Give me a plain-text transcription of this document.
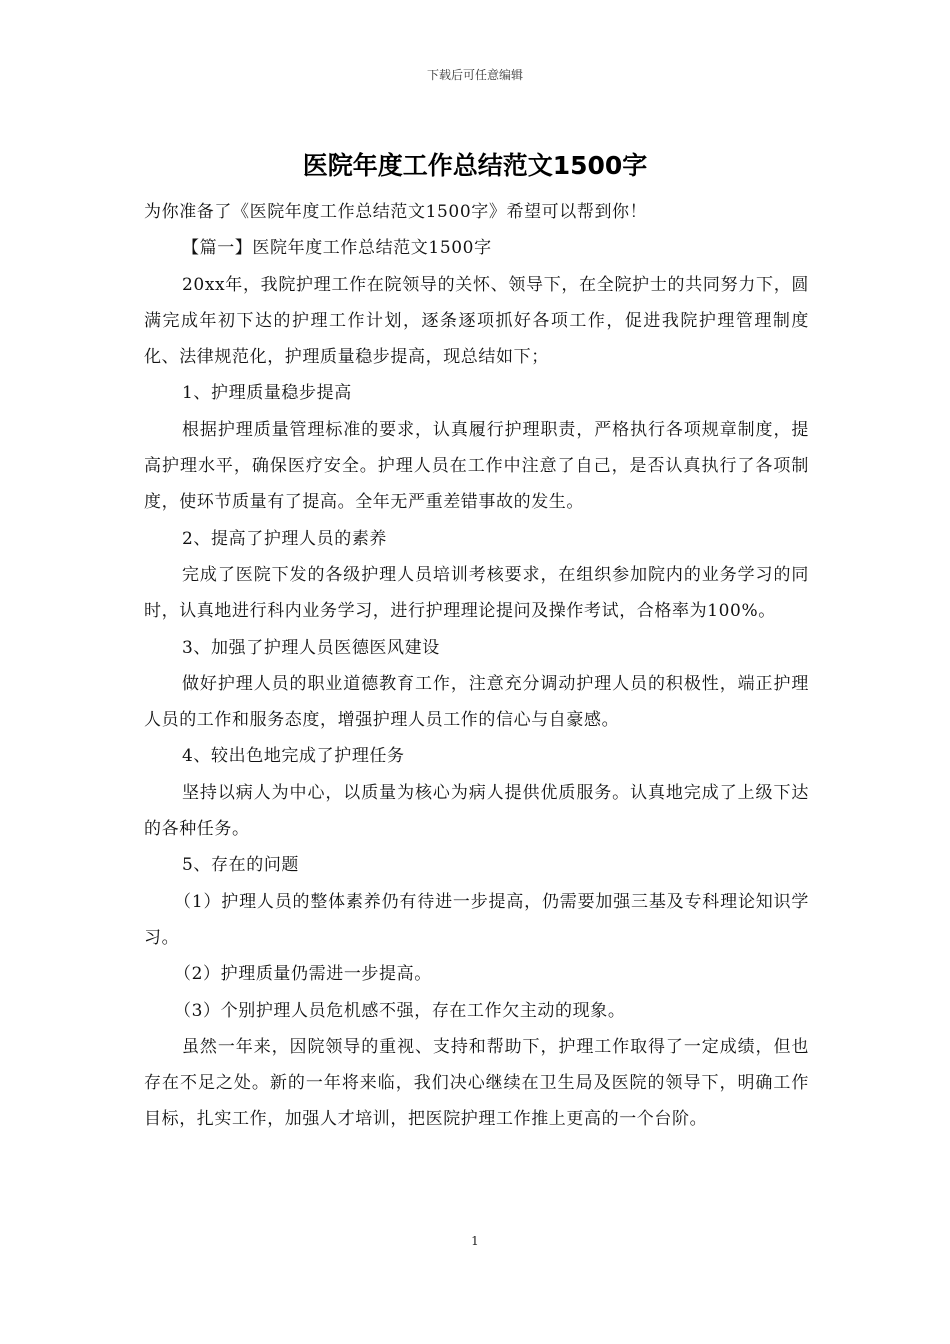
下载后可任意编辑
医院年度工作总结范文1500字

为你准备了《医院年度工作总结范文1500字》希望可以帮到你！

【篇一】医院年度工作总结范文1500字

20xx年，我院护理工作在院领导的关怀、领导下，在全院护士的共同努力下，圆满完成年初下达的护理工作计划，逐条逐项抓好各项工作，促进我院护理管理制度化、法律规范化，护理质量稳步提高，现总结如下；

1、护理质量稳步提高

根据护理质量管理标准的要求，认真履行护理职责，严格执行各项规章制度，提高护理水平，确保医疗安全。护理人员在工作中注意了自己，是否认真执行了各项制度，使环节质量有了提高。全年无严重差错事故的发生。

2、提高了护理人员的素养

完成了医院下发的各级护理人员培训考核要求，在组织参加院内的业务学习的同时，认真地进行科内业务学习，进行护理理论提问及操作考试，合格率为100%。

3、加强了护理人员医德医风建设

做好护理人员的职业道德教育工作，注意充分调动护理人员的积极性，端正护理人员的工作和服务态度，增强护理人员工作的信心与自豪感。

4、较出色地完成了护理任务

坚持以病人为中心，以质量为核心为病人提供优质服务。认真地完成了上级下达的各种任务。

5、存在的问题

（1）护理人员的整体素养仍有待进一步提高，仍需要加强三基及专科理论知识学习。

（2）护理质量仍需进一步提高。

（3）个别护理人员危机感不强，存在工作欠主动的现象。

虽然一年来，因院领导的重视、支持和帮助下，护理工作取得了一定成绩，但也存在不足之处。新的一年将来临，我们决心继续在卫生局及医院的领导下，明确工作目标，扎实工作，加强人才培训，把医院护理工作推上更高的一个台阶。

1
